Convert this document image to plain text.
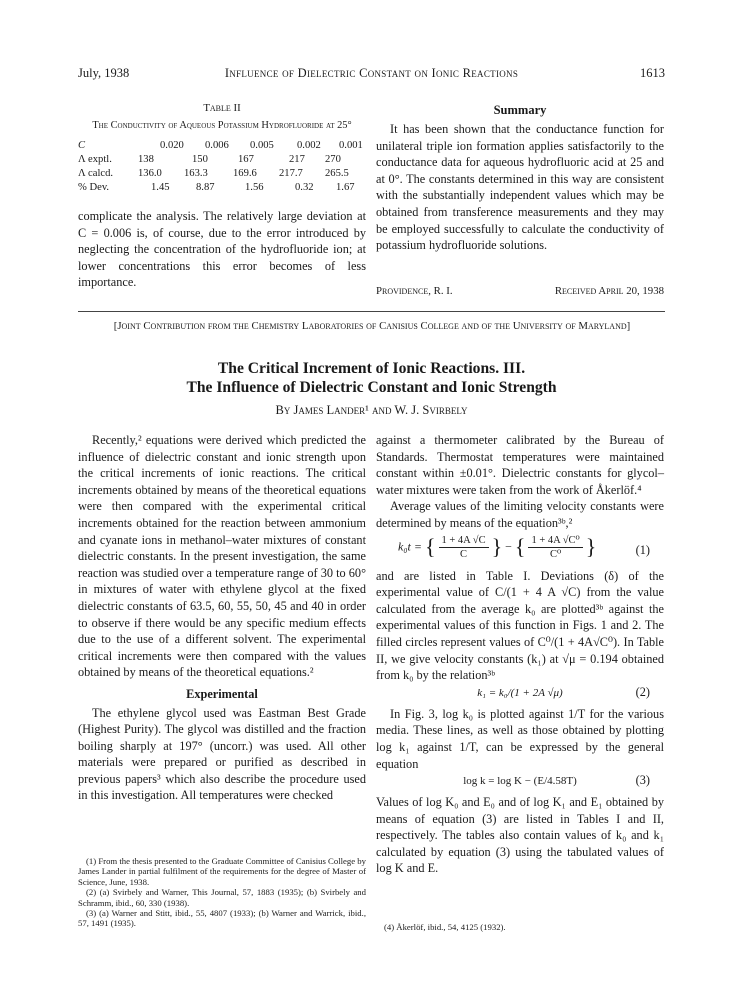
July, 1938	Influence of Dielectric Constant on Ionic Reactions	1613
Table II
The Conductivity of Aqueous Potassium Hydrofluoride at 25°
C	0.020 0.006 0.005 0.002 0.001
Λ exptl. 138	150	167	217 270
Λ calcd. 136.0 163.3 169.6 217.7 265.5
% Dev.	1.45 8.87	1.56	0.32 1.67

complicate the analysis. The relatively large deviation at C = 0.006 is, of course, due to the error introduced by neglecting the concentration of the hydrofluoride ion; at lower concentrations this error becomes of less importance.

Summary

It has been shown that the conductance function for unilateral triple ion formation applies satisfactorily to the conductance data for aqueous hydrofluoric acid at 25 and at 0°. The constants determined in this way are consistent with the substantially independent values which may be obtained from transference measurements and they may be employed successfully to calculate the conductivity of potassium hydrofluoride solutions.

Providence, R. I.	Received April 20, 1938
[Joint Contribution from the Chemistry Laboratories of Canisius College and of the University of Maryland]
The Critical Increment of Ionic Reactions. III.
The Influence of Dielectric Constant and Ionic Strength
By James Lander¹ and W. J. Svirbely

Recently,² equations were derived which predicted the influence of dielectric constant and ionic strength upon the critical increments of ionic reactions. The critical increments obtained by means of the theoretical equations were then compared with the experimental critical increments obtained for the reaction between ammonium and cyanate ions in methanol–water mixtures of constant dielectric constants. In the present investigation, the same reaction was studied over a temperature range of 30 to 60° in mixtures of water with ethylene glycol at the fixed dielectric constants of 63.5, 60, 55, 50, 45 and 40 in order to observe if there would be any specific medium effects due to the use of a different solvent. The experimental critical increments were then compared with the values obtained by means of the theoretical equations.²

Experimental

The ethylene glycol used was Eastman Best Grade (Highest Purity). The glycol was distilled and the fraction boiling sharply at 197° (uncorr.) was used. All other materials were prepared or purified as described in previous papers³ which also describe the procedure used in this investigation. All temperatures were checked

(1) From the thesis presented to the Graduate Committee of Canisius College by James Lander in partial fulfilment of the requirements for the degree of Master of Science, June, 1938.

(2) (a) Svirbely and Warner, This Journal, 57, 1883 (1935); (b) Svirbely and Schramm, ibid., 60, 330 (1938).

(3) (a) Warner and Stitt, ibid., 55, 4807 (1933); (b) Warner and Warrick, ibid., 57, 1491 (1935).

against a thermometer calibrated by the Bureau of Standards. Thermostat temperatures were maintained constant within ±0.01°. Dielectric constants for glycol–water mixtures were taken from the work of Åkerlöf.⁴

Average values of the limiting velocity constants were determined by means of the equation³ᵇ,²

k₀t = { $\frac{1 + 4A √C}{C}$ } − { $\frac{\text{1 + 4A √C⁰}}{\text{C⁰}}$ }	(1)

and are listed in Table I. Deviations (δ) of the experimental value of C/(1 + 4 A √C) from the value calculated from the average k₀ are plotted³ᵇ against the experimental values of this function in Figs. 1 and 2. The filled circles represent values of C⁰/(1 + 4A√C⁰). In Table II, we give velocity constants (k₁) at √μ = 0.194 obtained from k₀ by the relation³ᵇ

k₁ = k₀/(1 + 2A √μ)	(2)

In Fig. 3, log k₀ is plotted against 1/T for the various media. These lines, as well as those obtained by plotting log k₁ against 1/T, can be expressed by the general equation

log k = log K − (E/4.58T)	(3)

Values of log K₀ and E₀ and of log K₁ and E₁ obtained by means of equation (3) are listed in Tables I and II, respectively. The tables also contain values of k₀ and k₁ calculated by equation (3) using the tabulated values of log K and E.

(4) Åkerlöf, ibid., 54, 4125 (1932).
